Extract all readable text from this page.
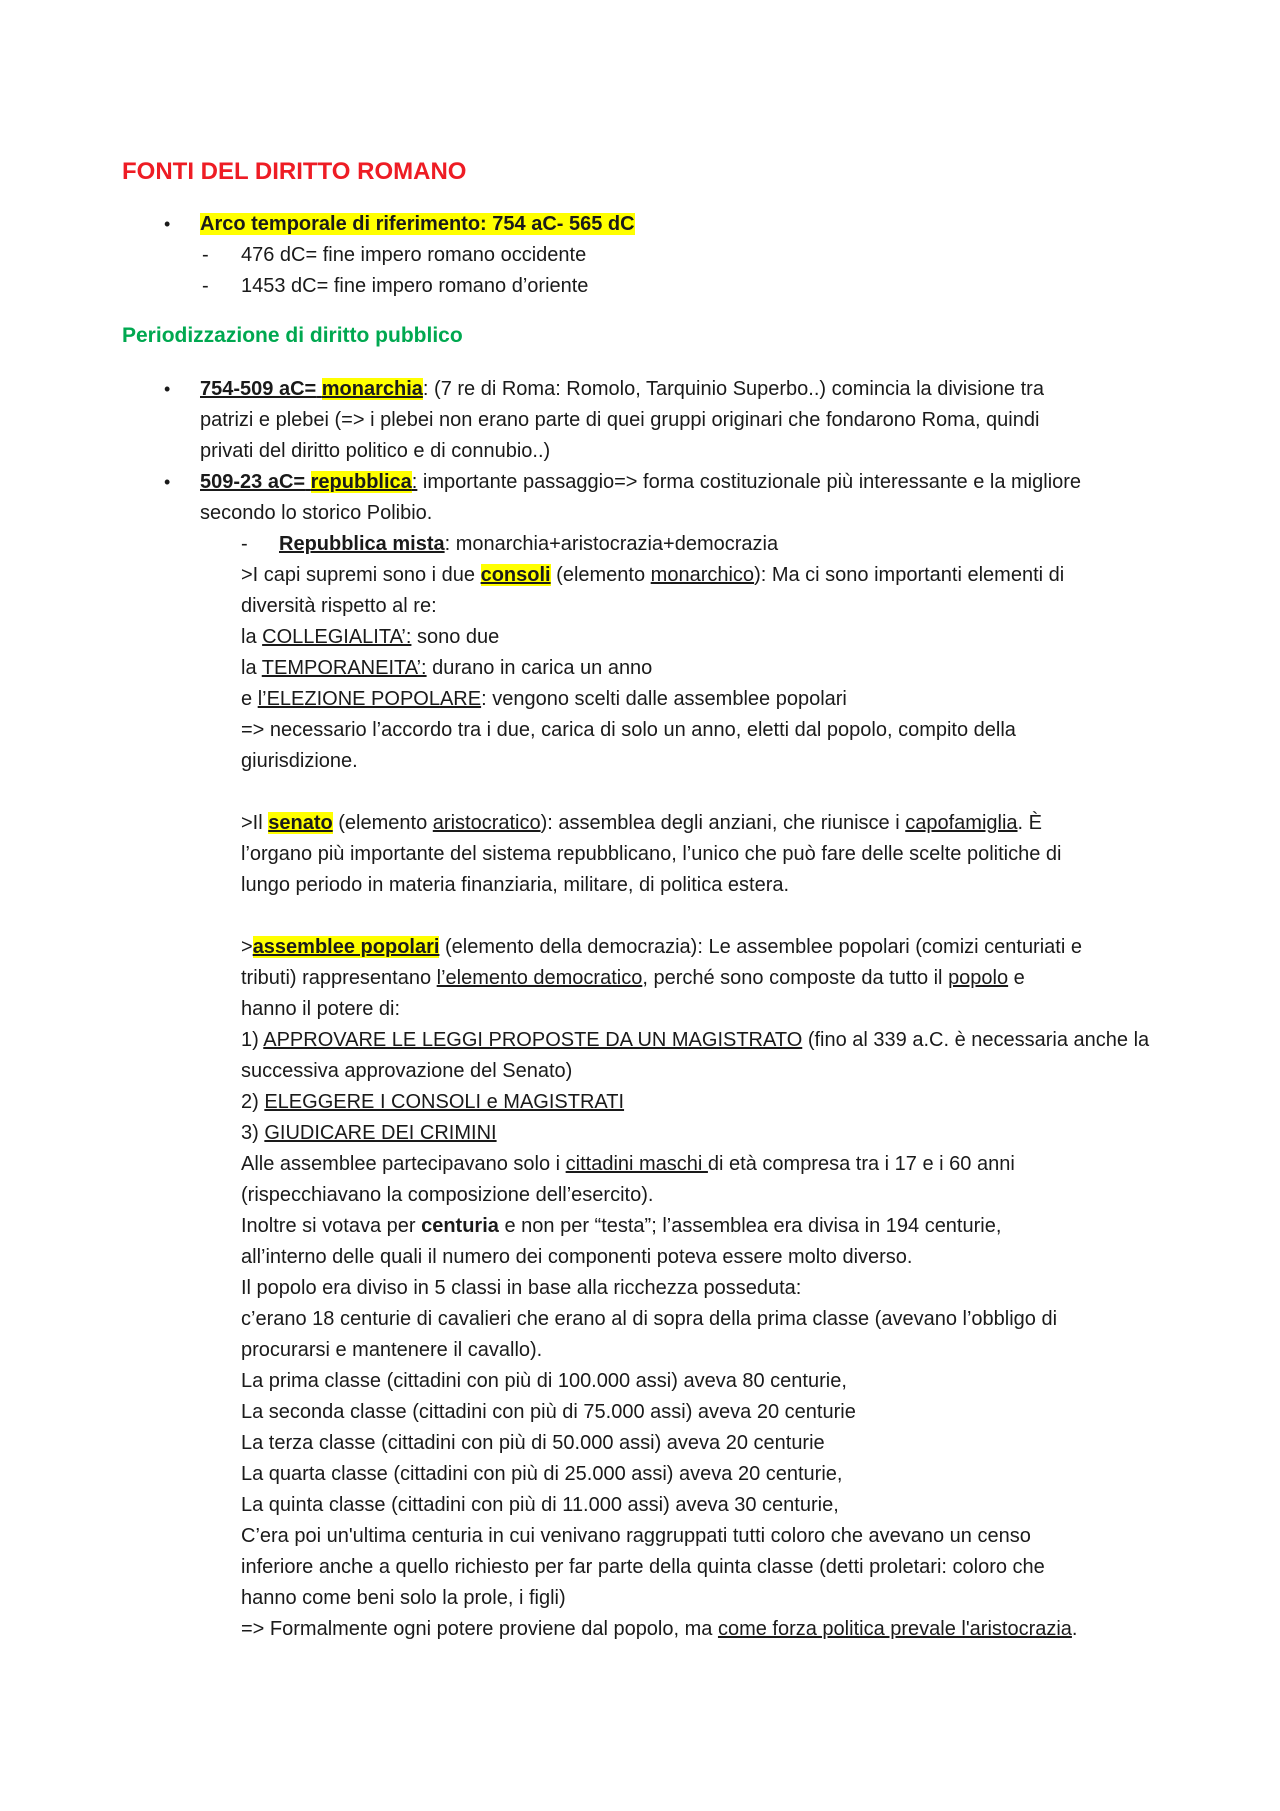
FONTI DEL DIRITTO ROMANO
• Arco temporale di riferimento: 754 aC- 565 dC

- 476 dC= fine impero romano occidente

- 1453 dC= fine impero romano d’oriente

Periodizzazione di diritto pubblico
• 754-509 aC= monarchia: (7 re di Roma: Romolo, Tarquinio Superbo..) comincia la divisione tra

patrizi e plebei (=> i plebei non erano parte di quei gruppi originari che fondarono Roma, quindi

privati del diritto politico e di connubio..)

• 509-23 aC= repubblica: importante passaggio=> forma costituzionale più interessante e la migliore

secondo lo storico Polibio.

- Repubblica mista: monarchia+aristocrazia+democrazia

>I capi supremi sono i due consoli (elemento monarchico): Ma ci sono importanti elementi di

diversità rispetto al re:

la COLLEGIALITA’: sono due

la TEMPORANEITA’: durano in carica un anno

e l’ELEZIONE POPOLARE: vengono scelti dalle assemblee popolari

=> necessario l’accordo tra i due, carica di solo un anno, eletti dal popolo, compito della

giurisdizione.

>Il senato (elemento aristocratico): assemblea degli anziani, che riunisce i capofamiglia. È

l’organo più importante del sistema repubblicano, l’unico che può fare delle scelte politiche di

lungo periodo in materia finanziaria, militare, di politica estera.

>assemblee popolari (elemento della democrazia): Le assemblee popolari (comizi centuriati e

tributi) rappresentano l’elemento democratico, perché sono composte da tutto il popolo e

hanno il potere di:

1) APPROVARE LE LEGGI PROPOSTE DA UN MAGISTRATO (fino al 339 a.C. è necessaria anche la

successiva approvazione del Senato)

2) ELEGGERE I CONSOLI e MAGISTRATI

3) GIUDICARE DEI CRIMINI

Alle assemblee partecipavano solo i cittadini maschi di età compresa tra i 17 e i 60 anni

(rispecchiavano la composizione dell’esercito).

Inoltre si votava per centuria e non per “testa”; l’assemblea era divisa in 194 centurie,

all’interno delle quali il numero dei componenti poteva essere molto diverso.

Il popolo era diviso in 5 classi in base alla ricchezza posseduta:

c’erano 18 centurie di cavalieri che erano al di sopra della prima classe (avevano l’obbligo di

procurarsi e mantenere il cavallo).

La prima classe (cittadini con più di 100.000 assi) aveva 80 centurie,

La seconda classe (cittadini con più di 75.000 assi) aveva 20 centurie

La terza classe (cittadini con più di 50.000 assi) aveva 20 centurie

La quarta classe (cittadini con più di 25.000 assi) aveva 20 centurie,

La quinta classe (cittadini con più di 11.000 assi) aveva 30 centurie,

C’era poi un'ultima centuria in cui venivano raggruppati tutti coloro che avevano un censo

inferiore anche a quello richiesto per far parte della quinta classe (detti proletari: coloro che

hanno come beni solo la prole, i figli)

=> Formalmente ogni potere proviene dal popolo, ma come forza politica prevale l'aristocrazia.
